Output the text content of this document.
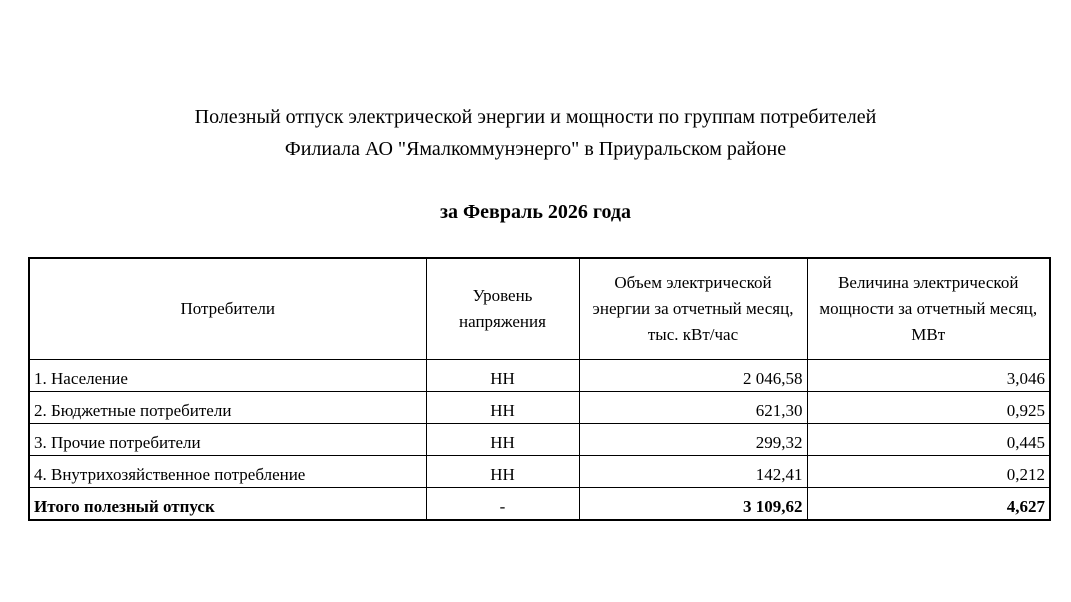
Полезный отпуск электрической энергии и мощности по группам потребителей
Филиала АО "Ямалкоммунэнерго" в Приуральском районе
за Февраль 2026 года
Потребители	Уровень напряжения	Объем электрической энергии за отчетный месяц, тыс. кВт/час	Величина электрической мощности за отчетный месяц, МВт
1. Население	НН	2 046,58	3,046
2. Бюджетные потребители	НН	621,30	0,925
3. Прочие потребители	НН	299,32	0,445
4. Внутрихозяйственное потребление	НН	142,41	0,212
Итого полезный отпуск	-	3 109,62	4,627
